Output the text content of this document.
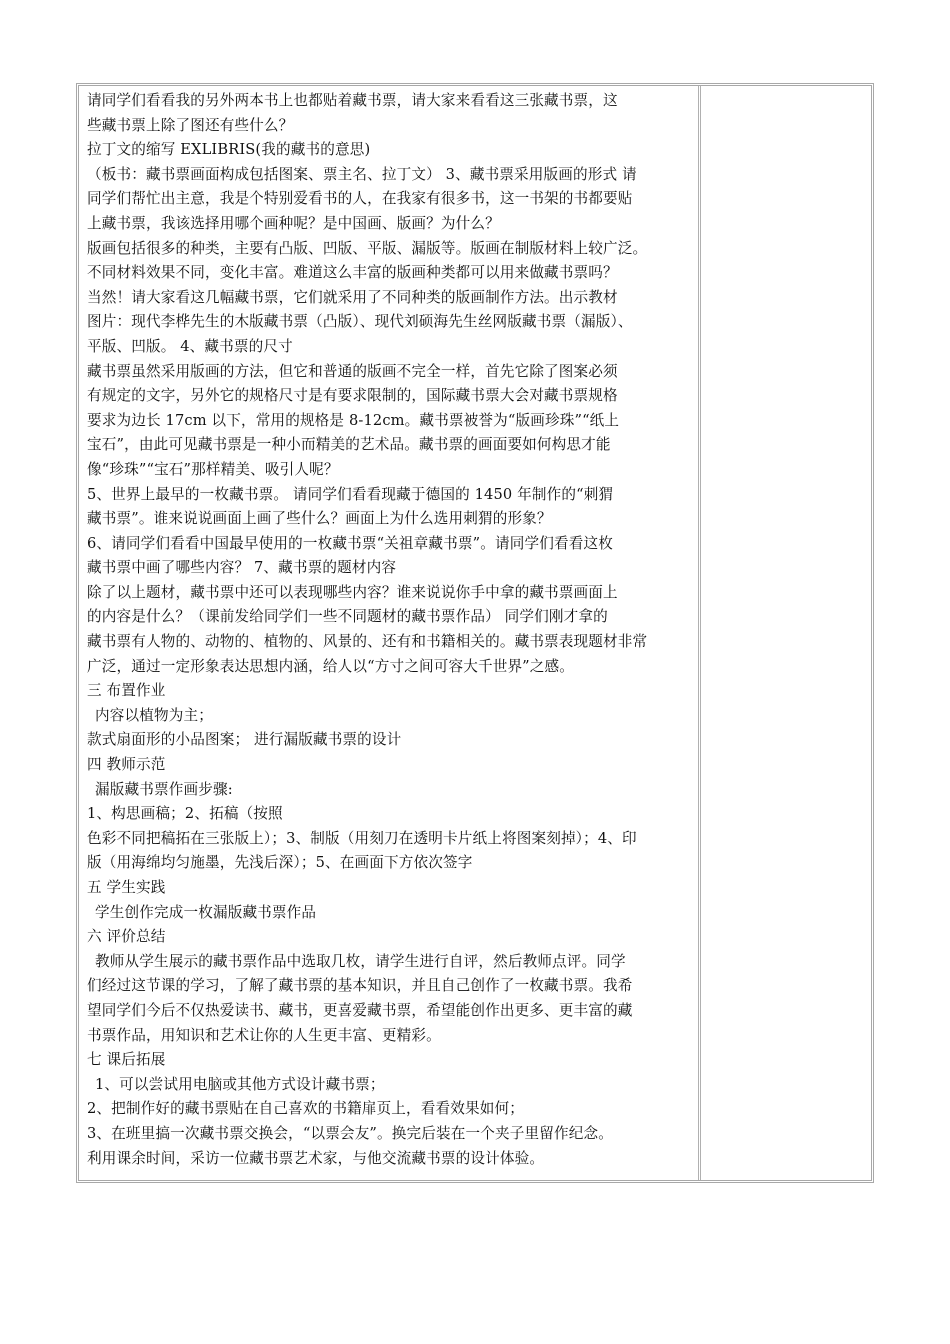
请同学们看看我的另外两本书上也都贴着藏书票，请大家来看看这三张藏书票，这

些藏书票上除了图还有些什么？

拉丁文的缩写 EXLIBRIS(我的藏书的意思)

（板书：藏书票画面构成包括图案、票主名、拉丁文） 3、藏书票采用版画的形式 请

同学们帮忙出主意，我是个特别爱看书的人，在我家有很多书，这一书架的书都要贴

上藏书票，我该选择用哪个画种呢？是中国画、版画？为什么？

版画包括很多的种类，主要有凸版、凹版、平版、漏版等。版画在制版材料上较广泛。

不同材料效果不同，变化丰富。难道这么丰富的版画种类都可以用来做藏书票吗？

当然！请大家看这几幅藏书票，它们就采用了不同种类的版画制作方法。出示教材

图片：现代李桦先生的木版藏书票（凸版）、现代刘硕海先生丝网版藏书票（漏版）、

平版、凹版。 4、藏书票的尺寸

藏书票虽然采用版画的方法，但它和普通的版画不完全一样，首先它除了图案必须

有规定的文字，另外它的规格尺寸是有要求限制的，国际藏书票大会对藏书票规格

要求为边长 17cm 以下，常用的规格是 8-12cm。藏书票被誉为“版画珍珠”“纸上

宝石”，由此可见藏书票是一种小而精美的艺术品。藏书票的画面要如何构思才能

像“珍珠”“宝石”那样精美、吸引人呢？

5、世界上最早的一枚藏书票。 请同学们看看现藏于德国的 1450 年制作的“刺猬

藏书票”。谁来说说画面上画了些什么？画面上为什么选用刺猬的形象？

6、请同学们看看中国最早使用的一枚藏书票“关祖章藏书票”。请同学们看看这枚

藏书票中画了哪些内容？ 7、藏书票的题材内容

除了以上题材，藏书票中还可以表现哪些内容？谁来说说你手中拿的藏书票画面上

的内容是什么？（课前发给同学们一些不同题材的藏书票作品） 同学们刚才拿的

藏书票有人物的、动物的、植物的、风景的、还有和书籍相关的。藏书票表现题材非常

广泛，通过一定形象表达思想内涵，给人以“方寸之间可容大千世界”之感。

三 布置作业

内容以植物为主；

款式扇面形的小品图案； 进行漏版藏书票的设计

四 教师示范

漏版藏书票作画步骤:

1、构思画稿；2、拓稿（按照

色彩不同把稿拓在三张版上）；3、制版（用刻刀在透明卡片纸上将图案刻掉）；4、印

版（用海绵均匀施墨，先浅后深）；5、在画面下方依次签字

五 学生实践

学生创作完成一枚漏版藏书票作品

六 评价总结

教师从学生展示的藏书票作品中选取几枚，请学生进行自评，然后教师点评。同学

们经过这节课的学习，了解了藏书票的基本知识，并且自己创作了一枚藏书票。我希

望同学们今后不仅热爱读书、藏书，更喜爱藏书票，希望能创作出更多、更丰富的藏

书票作品，用知识和艺术让你的人生更丰富、更精彩。

七 课后拓展

1、可以尝试用电脑或其他方式设计藏书票；

2、把制作好的藏书票贴在自己喜欢的书籍扉页上，看看效果如何；

3、在班里搞一次藏书票交换会，“以票会友”。换完后装在一个夹子里留作纪念。

利用课余时间，采访一位藏书票艺术家，与他交流藏书票的设计体验。
